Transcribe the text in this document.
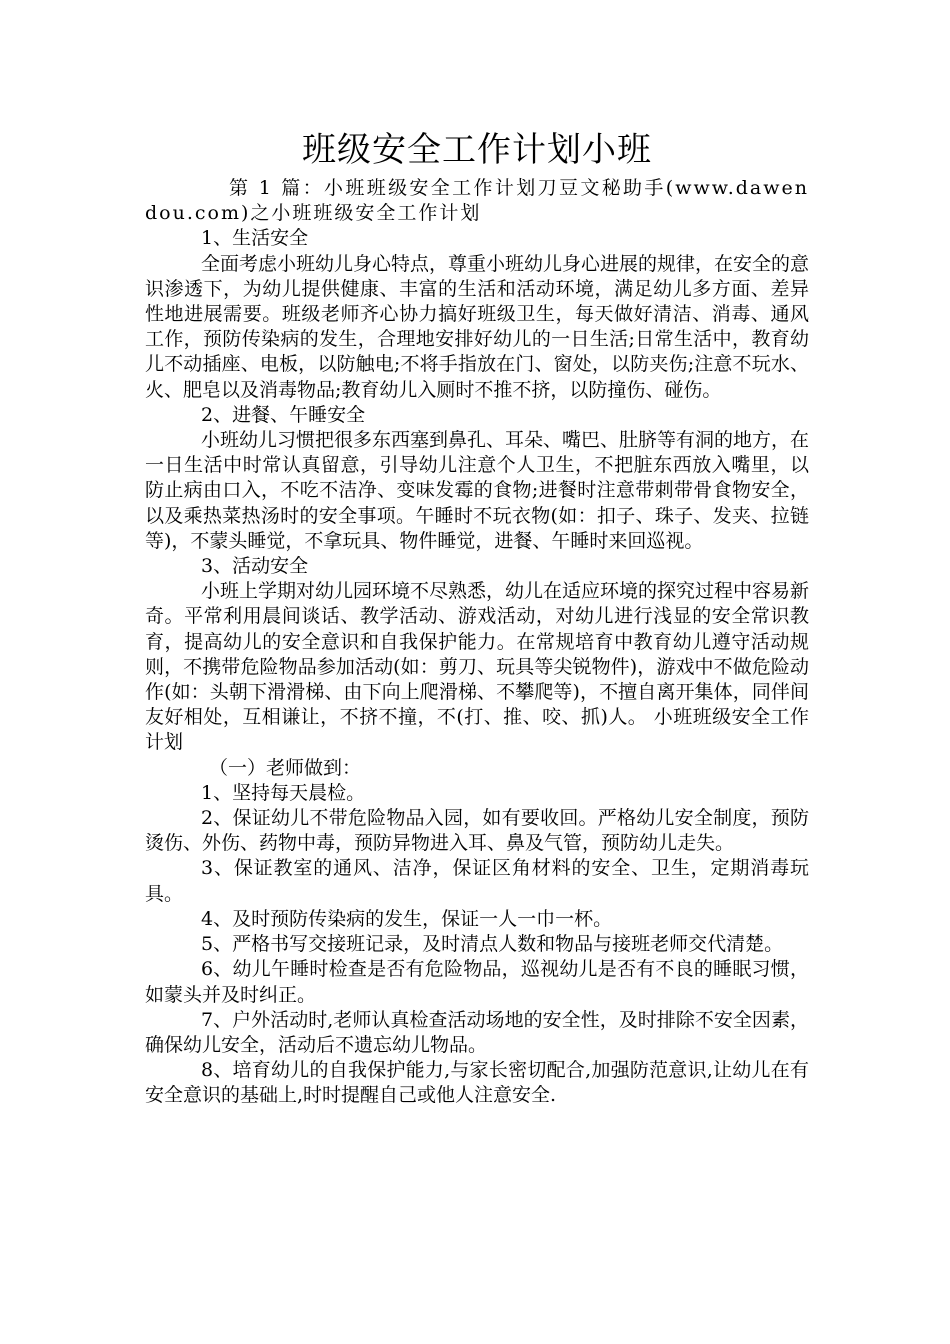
班级安全工作计划小班

第 1 篇：小班班级安全工作计划刀豆文秘助手(www.dawendou.com)之小班班级安全工作计划

1、生活安全

全面考虑小班幼儿身心特点，尊重小班幼儿身心进展的规律，在安全的意识渗透下，为幼儿提供健康、丰富的生活和活动环境，满足幼儿多方面、差异性地进展需要。班级老师齐心协力搞好班级卫生，每天做好清洁、消毒、通风工作，预防传染病的发生，合理地安排好幼儿的一日生活;日常生活中，教育幼儿不动插座、电板，以防触电;不将手指放在门、窗处，以防夹伤;注意不玩水、火、肥皂以及消毒物品;教育幼儿入厕时不推不挤，以防撞伤、碰伤。

2、进餐、午睡安全

小班幼儿习惯把很多东西塞到鼻孔、耳朵、嘴巴、肚脐等有洞的地方，在一日生活中时常认真留意，引导幼儿注意个人卫生，不把脏东西放入嘴里，以防止病由口入，不吃不洁净、变味发霉的食物;进餐时注意带刺带骨食物安全，以及乘热菜热汤时的安全事项。午睡时不玩衣物(如：扣子、珠子、发夹、拉链等)，不蒙头睡觉，不拿玩具、物件睡觉，进餐、午睡时来回巡视。

3、活动安全

小班上学期对幼儿园环境不尽熟悉，幼儿在适应环境的探究过程中容易新奇。平常利用晨间谈话、教学活动、游戏活动，对幼儿进行浅显的安全常识教育，提高幼儿的安全意识和自我保护能力。在常规培育中教育幼儿遵守活动规则，不携带危险物品参加活动(如：剪刀、玩具等尖锐物件)，游戏中不做危险动作(如：头朝下滑滑梯、由下向上爬滑梯、不攀爬等)，不擅自离开集体，同伴间友好相处，互相谦让，不挤不撞，不(打、推、咬、抓)人。 小班班级安全工作计划

（一）老师做到：

1、坚持每天晨检。

2、保证幼儿不带危险物品入园，如有要收回。严格幼儿安全制度，预防烫伤、外伤、药物中毒，预防异物进入耳、鼻及气管，预防幼儿走失。

3、保证教室的通风、洁净，保证区角材料的安全、卫生，定期消毒玩具。

4、及时预防传染病的发生，保证一人一巾一杯。

5、严格书写交接班记录，及时清点人数和物品与接班老师交代清楚。

6、幼儿午睡时检查是否有危险物品，巡视幼儿是否有不良的睡眠习惯，如蒙头并及时纠正。

7、户外活动时,老师认真检查活动场地的安全性，及时排除不安全因素，确保幼儿安全，活动后不遗忘幼儿物品。

8、培育幼儿的自我保护能力,与家长密切配合,加强防范意识,让幼儿在有安全意识的基础上,时时提醒自己或他人注意安全.
